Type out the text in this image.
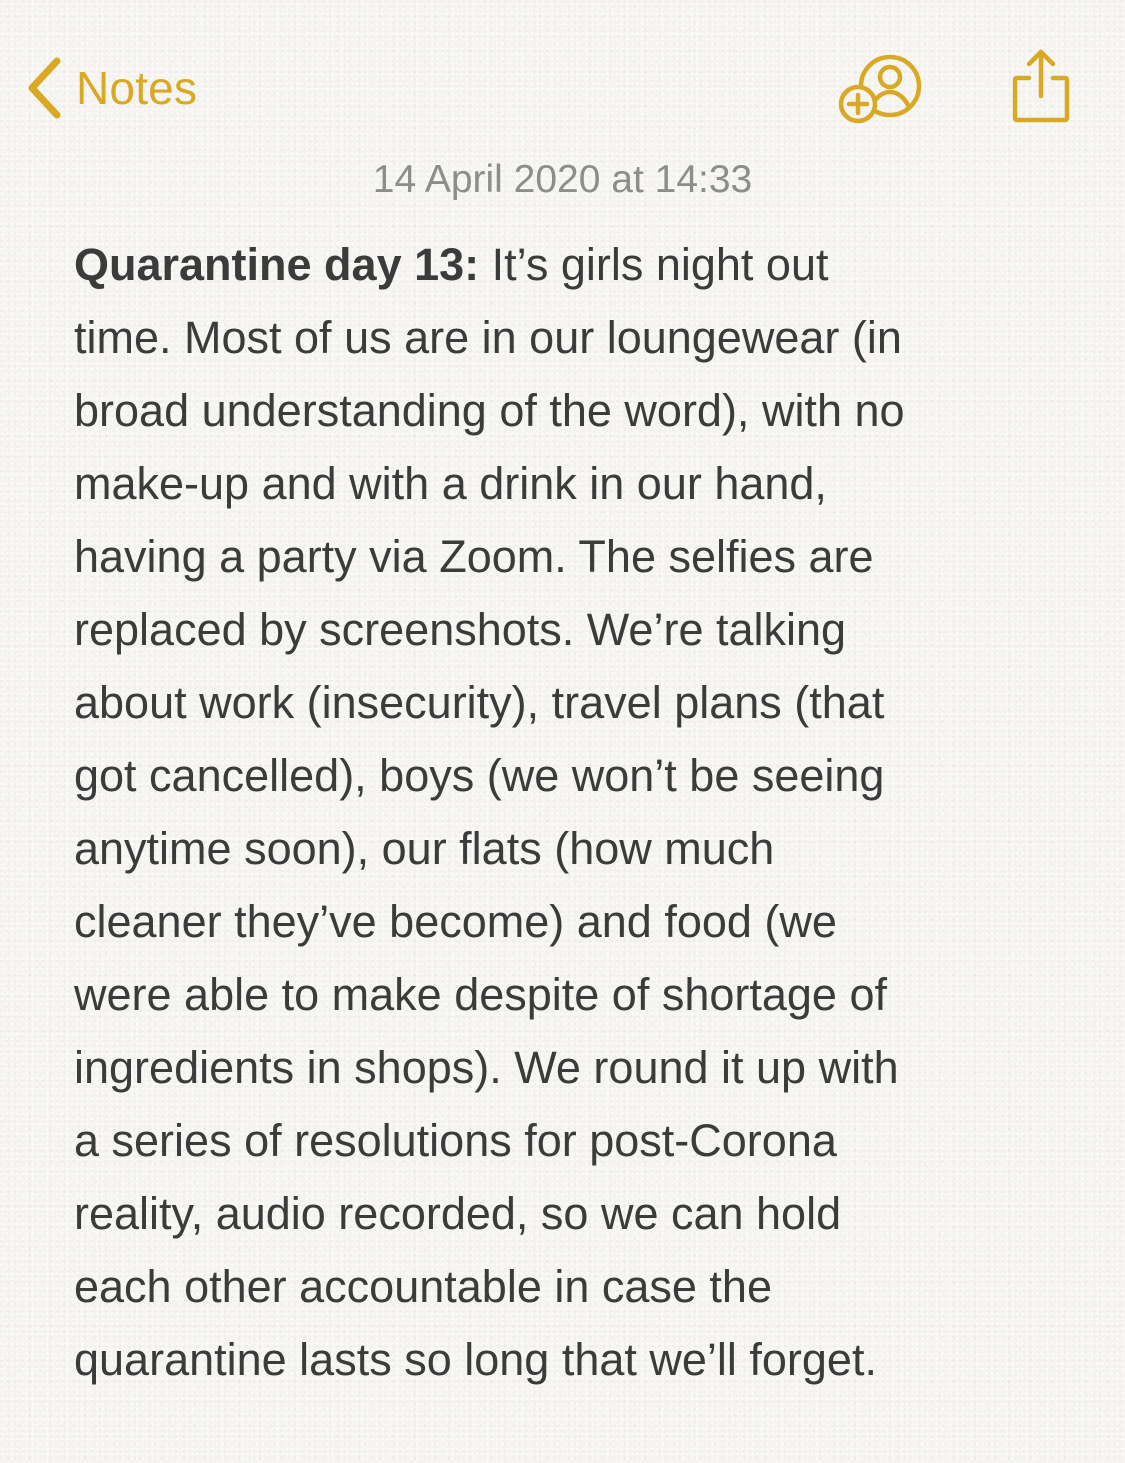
Notes
14 April 2020 at 14:33
Quarantine day 13: It’s girls night out
time. Most of us are in our loungewear (in
broad understanding of the word), with no
make-up and with a drink in our hand,
having a party via Zoom. The selfies are
replaced by screenshots. We’re talking
about work (insecurity), travel plans (that
got cancelled), boys (we won’t be seeing
anytime soon), our flats (how much
cleaner they’ve become) and food (we
were able to make despite of shortage of
ingredients in shops). We round it up with
a series of resolutions for post-Corona
reality, audio recorded, so we can hold
each other accountable in case the
quarantine lasts so long that we’ll forget.
